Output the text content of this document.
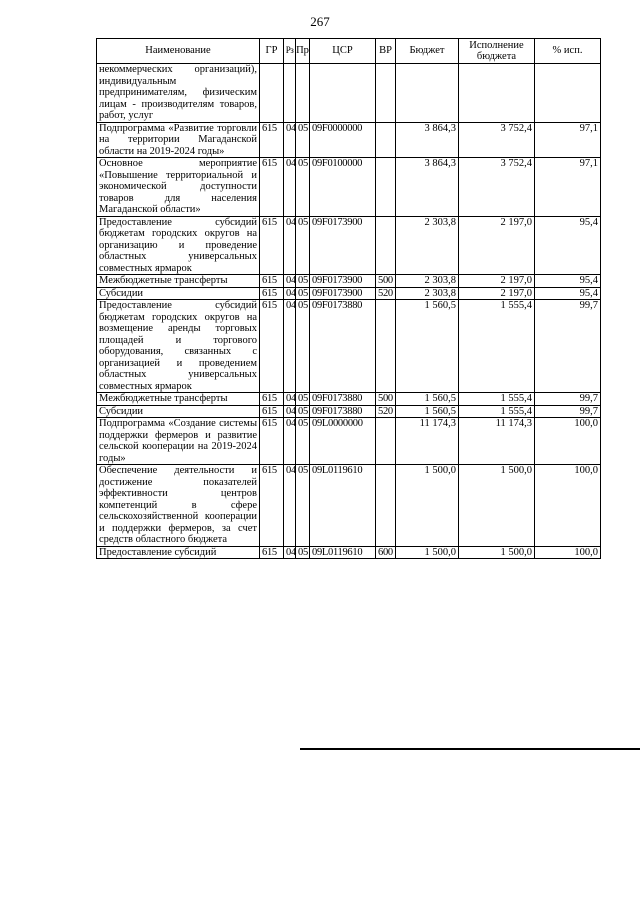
267
Наименование	ГР	Рз	Пр	ЦСР	ВР	Бюджет	Исполнение бюджета	% исп.
некоммерческих организаций), индивидуальным предпринимателям, физическим лицам - производителям товаров, работ, услуг								
Подпрограмма «Развитие торговли на территории Магаданской области на 2019-2024 годы»	615	04	05	09F0000000		3 864,3	3 752,4	97,1
Основное мероприятие «Повышение территориальной и экономической доступности товаров для населения Магаданской области»	615	04	05	09F0100000		3 864,3	3 752,4	97,1
Предоставление субсидий бюджетам городских округов на организацию и проведение областных универсальных совместных ярмарок	615	04	05	09F0173900		2 303,8	2 197,0	95,4
Межбюджетные трансферты	615	04	05	09F0173900	500	2 303,8	2 197,0	95,4
Субсидии	615	04	05	09F0173900	520	2 303,8	2 197,0	95,4
Предоставление субсидий бюджетам городских округов на возмещение аренды торговых площадей и торгового оборудования, связанных с организацией и проведением областных универсальных совместных ярмарок	615	04	05	09F0173880		1 560,5	1 555,4	99,7
Межбюджетные трансферты	615	04	05	09F0173880	500	1 560,5	1 555,4	99,7
Субсидии	615	04	05	09F0173880	520	1 560,5	1 555,4	99,7
Подпрограмма «Создание системы поддержки фермеров и развитие сельской кооперации на 2019-2024 годы»	615	04	05	09L0000000		11 174,3	11 174,3	100,0
Обеспечение деятельности и достижение показателей эффективности центров компетенций в сфере сельскохозяйственной кооперации и поддержки фермеров, за счет средств областного бюджета	615	04	05	09L0119610		1 500,0	1 500,0	100,0
Предоставление субсидий	615	04	05	09L0119610	600	1 500,0	1 500,0	100,0
